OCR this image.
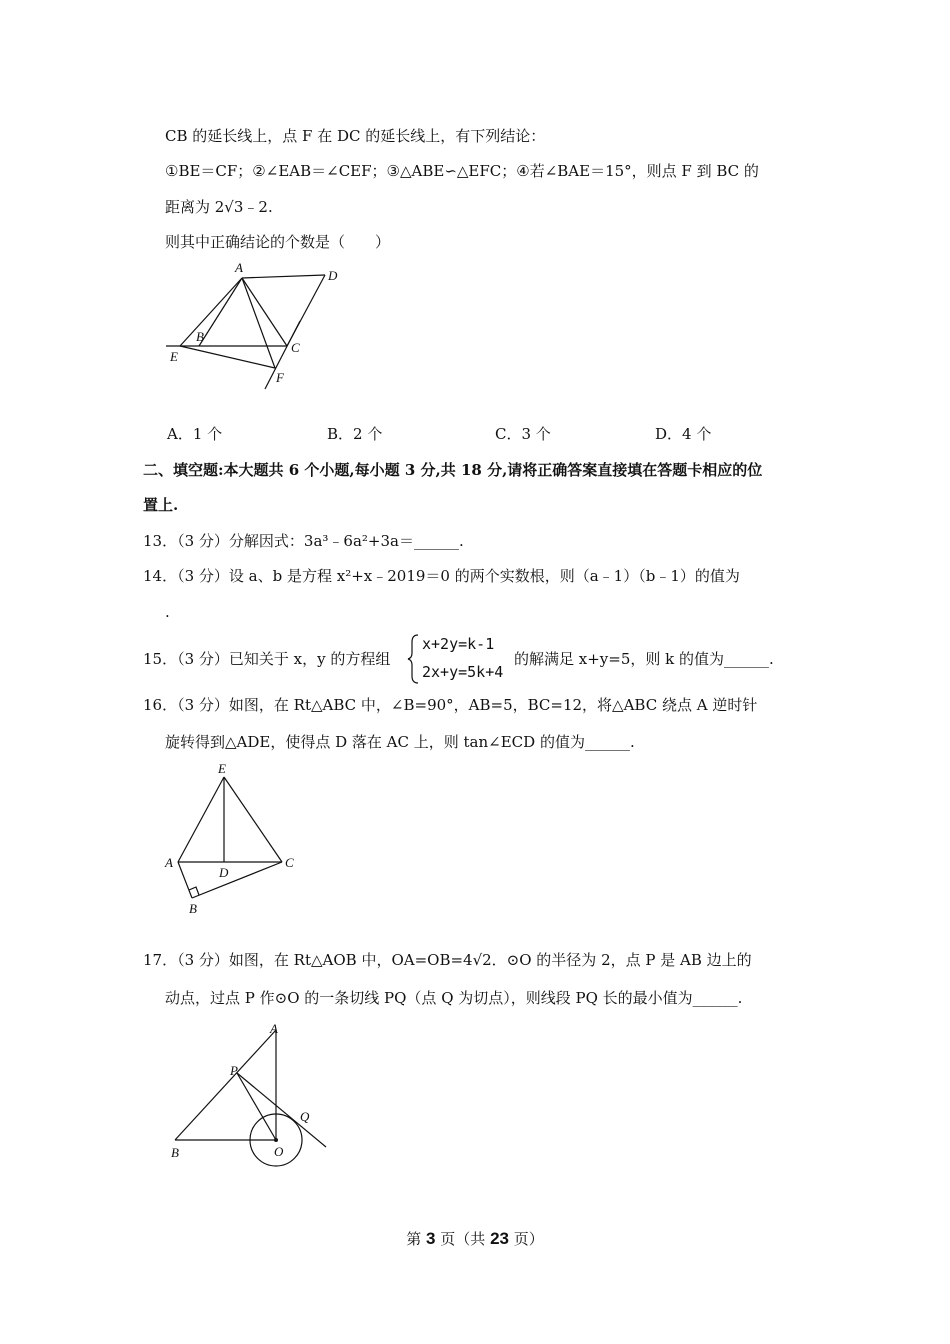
CB 的延长线上，点 F 在 DC 的延长线上，有下列结论：
①BE＝CF；②∠EAB＝∠CEF；③△ABE∽△EFC；④若∠BAE＝15°，则点 F 到 BC 的
距离为 2√3﹣2.
则其中正确结论的个数是（　　）
A
D
B
C
E
F
A．1 个	B．2 个	C．3 个	D．4 个
二、填空题:本大题共 6 个小题,每小题 3 分,共 18 分,请将正确答案直接填在答题卡相应的位
置上.
13．（3 分）分解因式：3a³﹣6a²+3a＝______.
14．（3 分）设 a、b 是方程 x²+x﹣2019＝0 的两个实数根，则（a﹣1）（b﹣1）的值为
.
15．（3 分）已知关于 x，y 的方程组
x+2y=k-1
2x+y=5k+4
的解满足 x+y=5，则 k 的值为______.
16．（3 分）如图，在 Rt△ABC 中，∠B=90°，AB=5，BC=12，将△ABC 绕点 A 逆时针
旋转得到△ADE，使得点 D 落在 AC 上，则 tan∠ECD 的值为______.
E
A
D
C
B
17．（3 分）如图，在 Rt△AOB 中，OA=OB=4√2．⊙O 的半径为 2，点 P 是 AB 边上的
动点，过点 P 作⊙O 的一条切线 PQ（点 Q 为切点），则线段 PQ 长的最小值为______.
A
P
Q
B	O
第 3 页（共 23 页）
